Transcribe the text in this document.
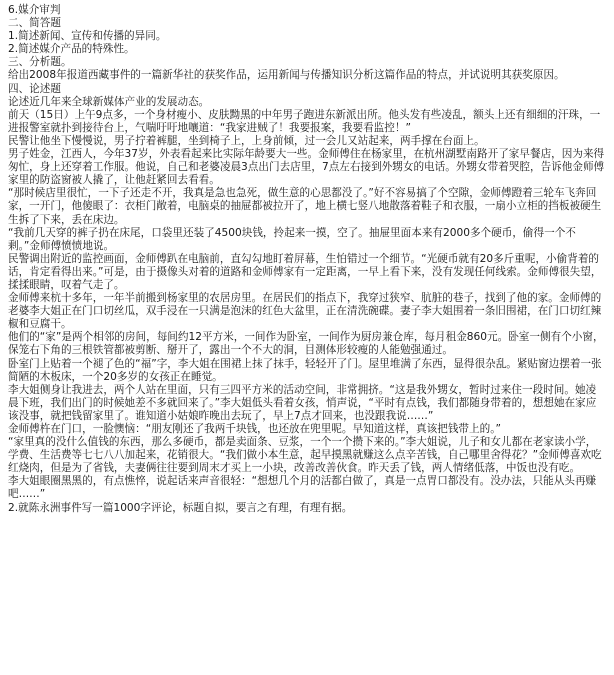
6.媒介审判

二、简答题

1.简述新闻、宣传和传播的异同。

2.简述媒介产品的特殊性。

三、分析题。

给出2008年报道西藏事件的一篇新华社的获奖作品，运用新闻与传播知识分析这篇作品的特点，并试说明其获奖原因。

四、论述题

论述近几年来全球新媒体产业的发展动态。

前天（15日）上午9点多，一个身材瘦小、皮肤黝黑的中年男子跑进东新派出所。他头发有些凌乱，额头上还有细细的汗珠，一进报警室就扑到接待台上，气喘吁吁地嚷道：“我家进贼了！我要报案，我要看监控！”

民警让他坐下慢慢说，男子拧着裤腿，坐到椅子上，上身前倾，过一会儿又站起来，两手撑在台面上。

男子姓金，江西人，今年37岁，外表看起来比实际年龄要大一些。金师傅住在杨家里，在杭州湖墅南路开了家早餐店，因为来得匆忙，身上还穿着工作服。他说，自己和老婆凌晨3点出门去店里，7点左右接到外甥女的电话。外甥女带着哭腔，告诉他金师傅家里的防盗窗被人撬了，让他赶紧回去看看。

“那时候店里很忙，一下子还走不开，我真是急也急死，做生意的心思都没了。”好不容易搞了个空隙，金师傅蹬着三轮车飞奔回家，一开门，他傻眼了：衣柜门敞着，电脑桌的抽屉都被拉开了，地上横七竖八地散落着鞋子和衣服，一扇小立柜的挡板被硬生生拆了下来，丢在床边。

“我前几天穿的裤子扔在床尾，口袋里还装了4500块钱，拎起来一摸，空了。抽屉里面本来有2000多个硬币，偷得一个不剩。”金师傅愤愤地说。

民警调出附近的监控画面，金师傅趴在电脑前，直勾勾地盯着屏幕，生怕错过一个细节。“光硬币就有20多斤重呢，小偷背着的话，肯定看得出来。”可是，由于摄像头对着的道路和金师傅家有一定距离，一早上看下来，没有发现任何线索。金师傅很失望，揉揉眼睛，叹着气走了。

金师傅来杭十多年，一年半前搬到杨家里的农居房里。在居民们的指点下，我穿过狭窄、肮脏的巷子，找到了他的家。金师傅的老婆李大姐正在门口切丝瓜，双手浸在一只满是泡沫的红色大盆里，正在清洗碗碟。妻子李大姐围着一条旧围裙，在门口切红辣椒和豆腐干。

他们的“家”是两个相邻的房间，每间约12平方米，一间作为卧室，一间作为厨房兼仓库，每月租金860元。卧室一侧有个小窗，保笼右下角的三根铁管都被剪断、掰开了，露出一个不大的洞，目测体形较瘦的人能勉强通过。

卧室门上贴着一个褪了色的“福”字，李大姐在围裙上抹了抹手，轻轻开了门。屋里堆满了东西，显得很杂乱。紧贴窗边摆着一张简陋的木板床，一个20多岁的女孩正在睡觉。

李大姐侧身让我进去，两个人站在里面，只有三四平方米的活动空间，非常拥挤。“这是我外甥女，暂时过来住一段时间。她凌晨下班，我们出门的时候她差不多就回来了。”李大姐低头看着女孩，悄声说，“平时有点钱，我们都随身带着的，想想她在家应该没事，就把钱留家里了。谁知道小姑娘昨晚出去玩了，早上7点才回来，也没跟我说……”

金师傅杵在门口，一脸懊恼：“朋友刚还了我两千块钱，也还放在兜里呢。早知道这样，真该把钱带上的。”

“家里真的没什么值钱的东西，那么多硬币，都是卖面条、豆浆，一个一个攒下来的。”李大姐说，儿子和女儿都在老家读小学，学费、生活费等七七八八加起来，花销很大。“我们做小本生意，起早摸黑就赚这么点辛苦钱，自己哪里舍得花？”金师傅喜欢吃红烧肉，但是为了省钱，夫妻俩往往要到周末才买上一小块，改善改善伙食。昨天丢了钱，两人情绪低落，中饭也没有吃。

李大姐眼圈黑黑的，有点憔悴，说起话来声音很轻：“想想几个月的活都白做了，真是一点胃口都没有。没办法，只能从头再赚吧……”

2.就陈永洲事件写一篇1000字评论，标题自拟，要言之有理，有理有据。
